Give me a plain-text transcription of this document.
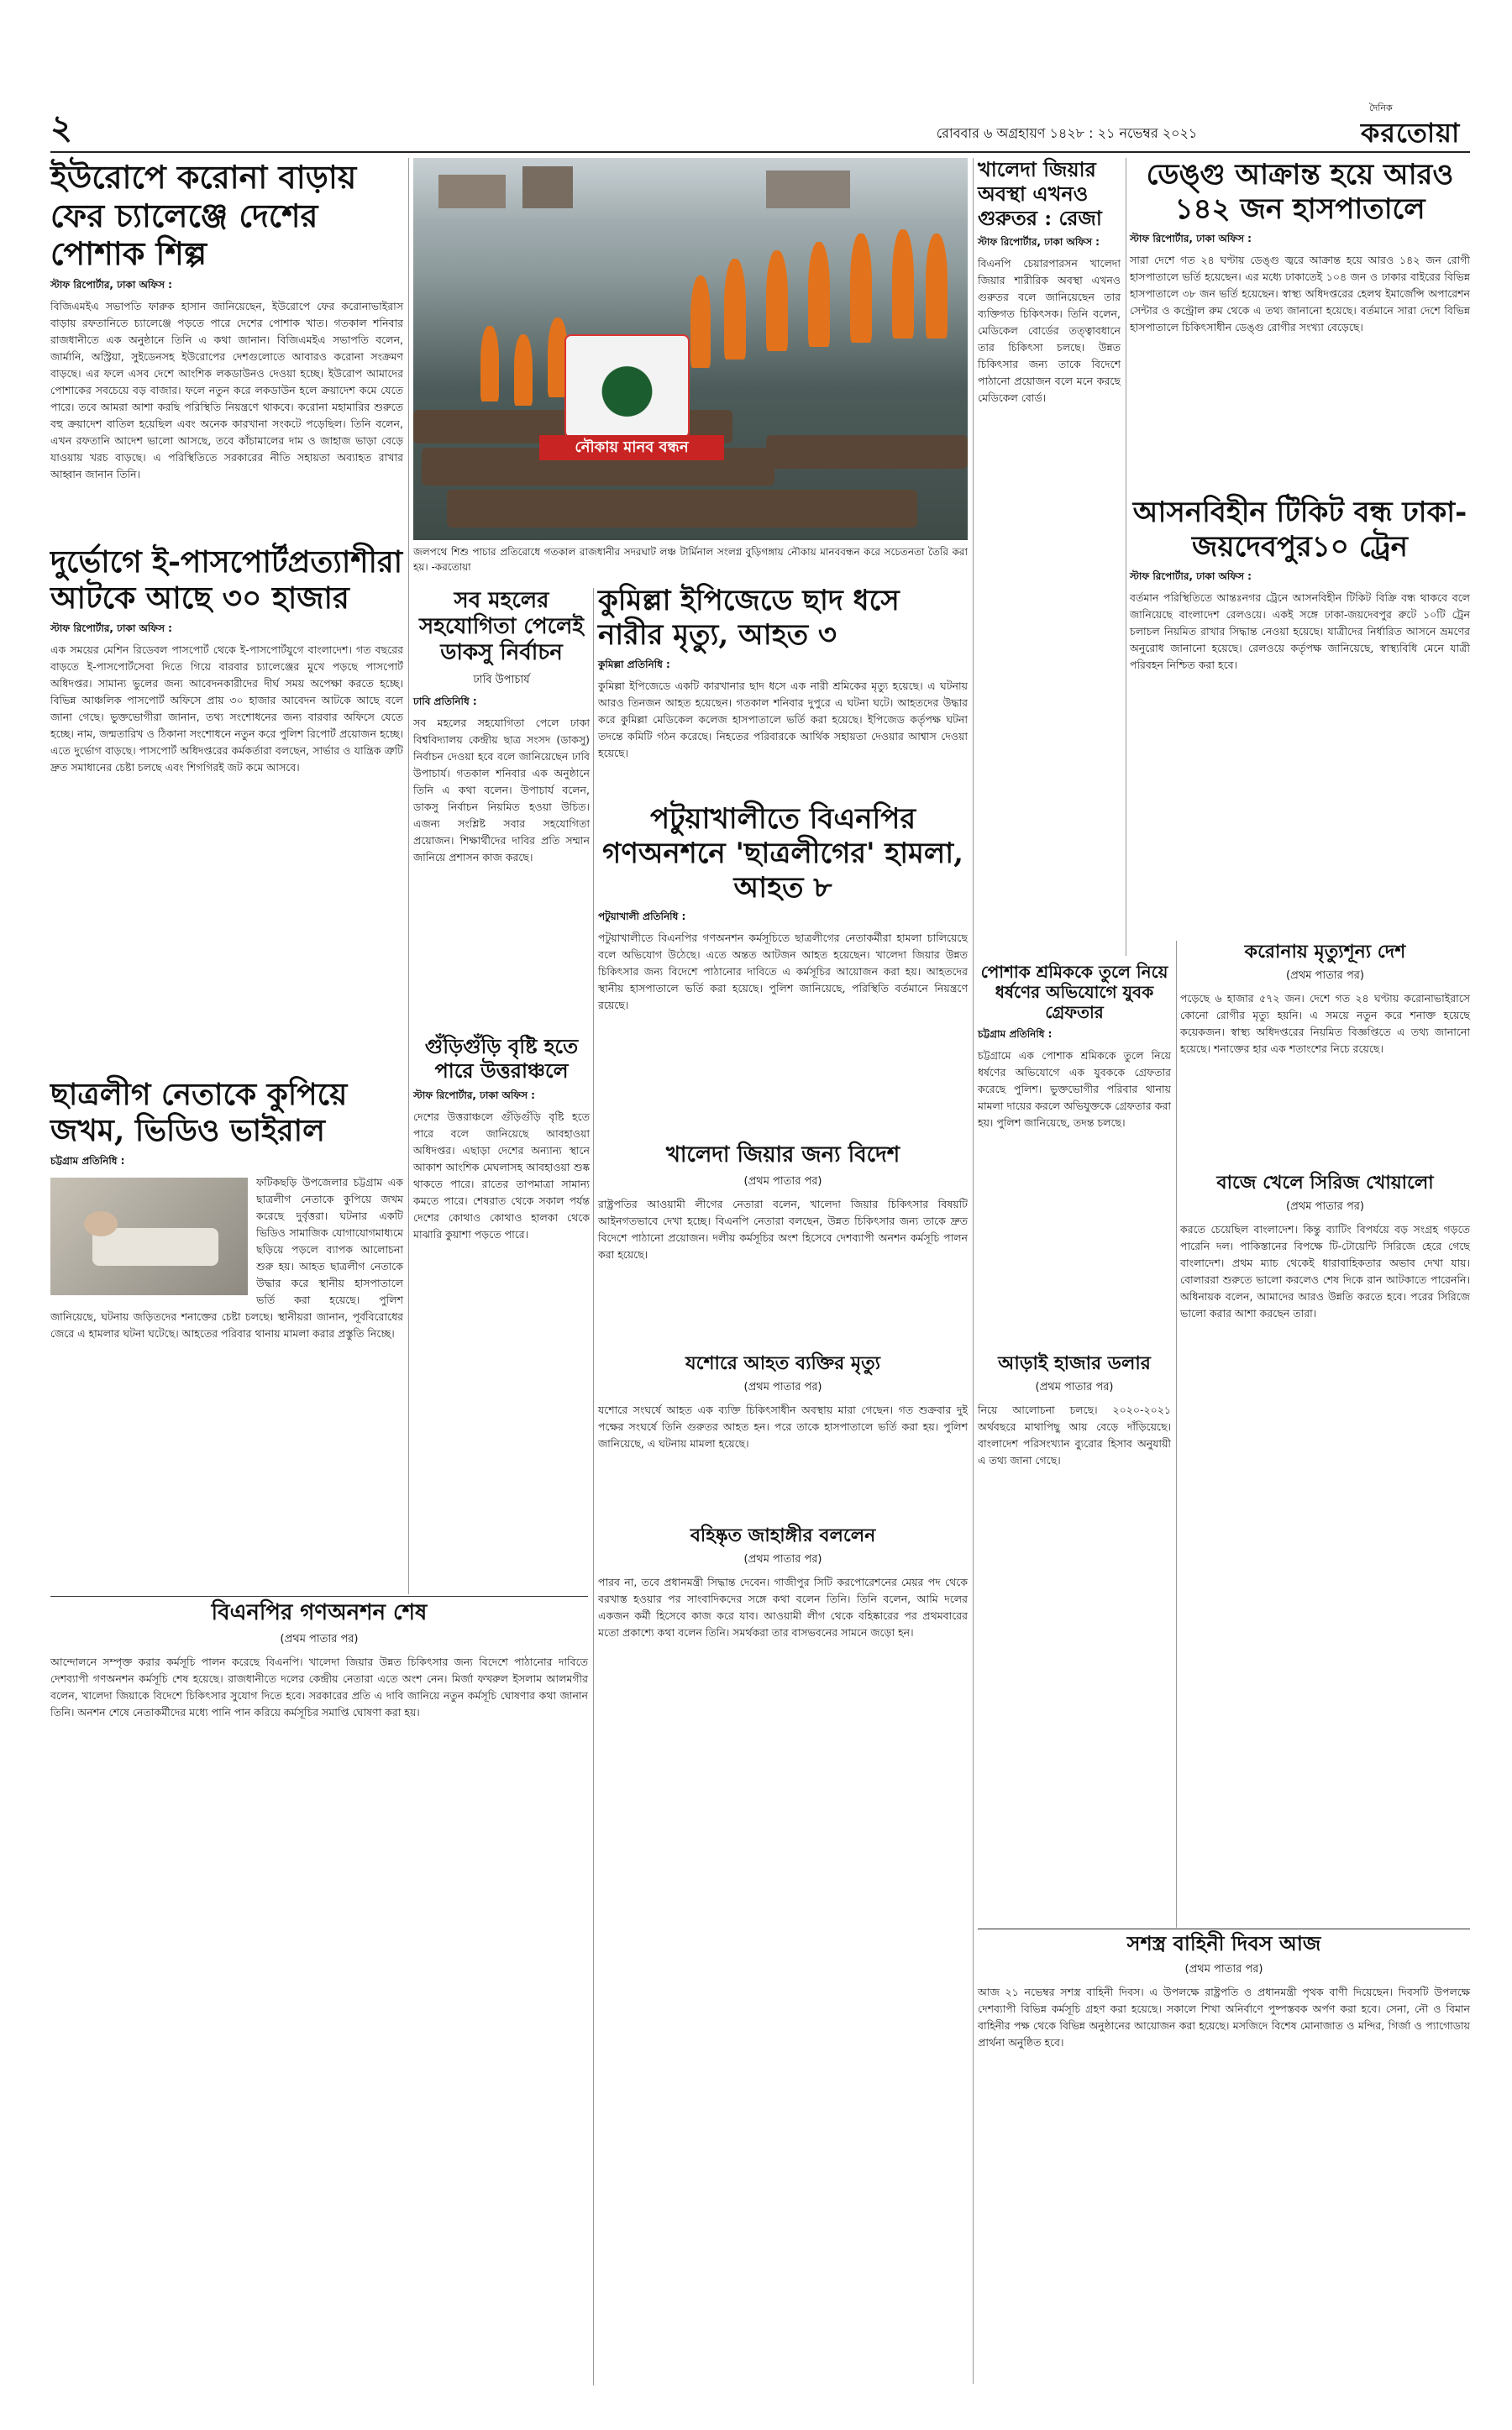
২	রোববার ৬ অগ্রহায়ণ ১৪২৮ : ২১ নভেম্বর ২০২১
দৈনিক
করতোয়া
ইউরোপে করোনা বাড়ায় ফের চ্যালেঞ্জে দেশের পোশাক শিল্প
স্টাফ রিপোর্টার, ঢাকা অফিস :

বিজিএমইএ সভাপতি ফারুক হাসান জানিয়েছেন, ইউরোপে ফের করোনাভাইরাস বাড়ায় রফতানিতে চ্যালেঞ্জে পড়তে পারে দেশের পোশাক খাত। গতকাল শনিবার রাজধানীতে এক অনুষ্ঠানে তিনি এ কথা জানান। বিজিএমইএ সভাপতি বলেন, জার্মানি, অস্ট্রিয়া, সুইডেনসহ ইউরোপের দেশগুলোতে আবারও করোনা সংক্রমণ বাড়ছে। এর ফলে এসব দেশে আংশিক লকডাউনও দেওয়া হচ্ছে। ইউরোপ আমাদের পোশাকের সবচেয়ে বড় বাজার। ফলে নতুন করে লকডাউন হলে ক্রয়াদেশ কমে যেতে পারে। তবে আমরা আশা করছি পরিস্থিতি নিয়ন্ত্রণে থাকবে। করোনা মহামারির শুরুতে বহু ক্রয়াদেশ বাতিল হয়েছিল এবং অনেক কারখানা সংকটে পড়েছিল। তিনি বলেন, এখন রফতানি আদেশ ভালো আসছে, তবে কাঁচামালের দাম ও জাহাজ ভাড়া বেড়ে যাওয়ায় খরচ বাড়ছে। এ পরিস্থিতিতে সরকারের নীতি সহায়তা অব্যাহত রাখার আহ্বান জানান তিনি।

দুর্ভোগে ই-পাসপোর্টপ্রত্যাশীরা আটকে আছে ৩০ হাজার
স্টাফ রিপোর্টার, ঢাকা অফিস :

এক সময়ের মেশিন রিডেবল পাসপোর্ট থেকে ই-পাসপোর্টযুগে বাংলাদেশ। গত বছরের বাড়তে ই-পাসপোর্টসেবা দিতে গিয়ে বারবার চ্যালেঞ্জের মুখে পড়ছে পাসপোর্ট অধিদপ্তর। সামান্য ভুলের জন্য আবেদনকারীদের দীর্ঘ সময় অপেক্ষা করতে হচ্ছে। বিভিন্ন আঞ্চলিক পাসপোর্ট অফিসে প্রায় ৩০ হাজার আবেদন আটকে আছে বলে জানা গেছে। ভুক্তভোগীরা জানান, তথ্য সংশোধনের জন্য বারবার অফিসে যেতে হচ্ছে। নাম, জন্মতারিখ ও ঠিকানা সংশোধনে নতুন করে পুলিশ রিপোর্ট প্রয়োজন হচ্ছে। এতে দুর্ভোগ বাড়ছে। পাসপোর্ট অধিদপ্তরের কর্মকর্তারা বলছেন, সার্ভার ও যান্ত্রিক ত্রুটি দ্রুত সমাধানের চেষ্টা চলছে এবং শিগগিরই জট কমে আসবে।

ছাত্রলীগ নেতাকে কুপিয়ে জখম, ভিডিও ভাইরাল
চট্টগ্রাম প্রতিনিধি :

ফটিকছড়ি উপজেলার চট্টগ্রাম এক ছাত্রলীগ নেতাকে কুপিয়ে জখম করেছে দুর্বৃত্তরা। ঘটনার একটি ভিডিও সামাজিক যোগাযোগমাধ্যমে ছড়িয়ে পড়লে ব্যাপক আলোচনা শুরু হয়। আহত ছাত্রলীগ নেতাকে উদ্ধার করে স্থানীয় হাসপাতালে ভর্তি করা হয়েছে। পুলিশ জানিয়েছে, ঘটনায় জড়িতদের শনাক্তের চেষ্টা চলছে। স্থানীয়রা জানান, পূর্ববিরোধের জেরে এ হামলার ঘটনা ঘটেছে। আহতের পরিবার থানায় মামলা করার প্রস্তুতি নিচ্ছে।

নৌকায় মানব বন্ধন
জলপথে শিশু পাচার প্রতিরোধে গতকাল রাজধানীর সদরঘাট লঞ্চ টার্মিনাল সংলগ্ন বুড়িগঙ্গায় নৌকায় মানববন্ধন করে সচেতনতা তৈরি করা হয়। -করতোয়া
সব মহলের সহযোগিতা পেলেই ডাকসু নির্বাচন
ঢাবি উপাচার্য
ঢাবি প্রতিনিধি :

সব মহলের সহযোগিতা পেলে ঢাকা বিশ্ববিদ্যালয় কেন্দ্রীয় ছাত্র সংসদ (ডাকসু) নির্বাচন দেওয়া হবে বলে জানিয়েছেন ঢাবি উপাচার্য। গতকাল শনিবার এক অনুষ্ঠানে তিনি এ কথা বলেন। উপাচার্য বলেন, ডাকসু নির্বাচন নিয়মিত হওয়া উচিত। এজন্য সংশ্লিষ্ট সবার সহযোগিতা প্রয়োজন। শিক্ষার্থীদের দাবির প্রতি সম্মান জানিয়ে প্রশাসন কাজ করছে।

গুঁড়িগুঁড়ি বৃষ্টি হতে পারে উত্তরাঞ্চলে
স্টাফ রিপোর্টার, ঢাকা অফিস :

দেশের উত্তরাঞ্চলে গুঁড়িগুঁড়ি বৃষ্টি হতে পারে বলে জানিয়েছে আবহাওয়া অধিদপ্তর। এছাড়া দেশের অন্যান্য স্থানে আকাশ আংশিক মেঘলাসহ আবহাওয়া শুষ্ক থাকতে পারে। রাতের তাপমাত্রা সামান্য কমতে পারে। শেষরাত থেকে সকাল পর্যন্ত দেশের কোথাও কোথাও হালকা থেকে মাঝারি কুয়াশা পড়তে পারে।

কুমিল্লা ইপিজেডে ছাদ ধসে নারীর মৃত্যু, আহত ৩
কুমিল্লা প্রতিনিধি :

কুমিল্লা ইপিজেডে একটি কারখানার ছাদ ধসে এক নারী শ্রমিকের মৃত্যু হয়েছে। এ ঘটনায় আরও তিনজন আহত হয়েছেন। গতকাল শনিবার দুপুরে এ ঘটনা ঘটে। আহতদের উদ্ধার করে কুমিল্লা মেডিকেল কলেজ হাসপাতালে ভর্তি করা হয়েছে। ইপিজেড কর্তৃপক্ষ ঘটনা তদন্তে কমিটি গঠন করেছে। নিহতের পরিবারকে আর্থিক সহায়তা দেওয়ার আশ্বাস দেওয়া হয়েছে।

পটুয়াখালীতে বিএনপির গণঅনশনে 'ছাত্রলীগের' হামলা, আহত ৮
পটুয়াখালী প্রতিনিধি :

পটুয়াখালীতে বিএনপির গণঅনশন কর্মসূচিতে ছাত্রলীগের নেতাকর্মীরা হামলা চালিয়েছে বলে অভিযোগ উঠেছে। এতে অন্তত আটজন আহত হয়েছেন। খালেদা জিয়ার উন্নত চিকিৎসার জন্য বিদেশে পাঠানোর দাবিতে এ কর্মসূচির আয়োজন করা হয়। আহতদের স্থানীয় হাসপাতালে ভর্তি করা হয়েছে। পুলিশ জানিয়েছে, পরিস্থিতি বর্তমানে নিয়ন্ত্রণে রয়েছে।

খালেদা জিয়ার জন্য বিদেশ
(প্রথম পাতার পর)

রাষ্ট্রপতির আওয়ামী লীগের নেতারা বলেন, খালেদা জিয়ার চিকিৎসার বিষয়টি আইনগতভাবে দেখা হচ্ছে। বিএনপি নেতারা বলছেন, উন্নত চিকিৎসার জন্য তাকে দ্রুত বিদেশে পাঠানো প্রয়োজন। দলীয় কর্মসূচির অংশ হিসেবে দেশব্যাপী অনশন কর্মসূচি পালন করা হয়েছে।

যশোরে আহত ব্যক্তির মৃত্যু
(প্রথম পাতার পর)

যশোরে সংঘর্ষে আহত এক ব্যক্তি চিকিৎসাধীন অবস্থায় মারা গেছেন। গত শুক্রবার দুই পক্ষের সংঘর্ষে তিনি গুরুতর আহত হন। পরে তাকে হাসপাতালে ভর্তি করা হয়। পুলিশ জানিয়েছে, এ ঘটনায় মামলা হয়েছে।

খালেদা জিয়ার অবস্থা এখনও গুরুতর : রেজা
স্টাফ রিপোর্টার, ঢাকা অফিস :

বিএনপি চেয়ারপারসন খালেদা জিয়ার শারীরিক অবস্থা এখনও গুরুতর বলে জানিয়েছেন তার ব্যক্তিগত চিকিৎসক। তিনি বলেন, মেডিকেল বোর্ডের তত্ত্বাবধানে তার চিকিৎসা চলছে। উন্নত চিকিৎসার জন্য তাকে বিদেশে পাঠানো প্রয়োজন বলে মনে করছে মেডিকেল বোর্ড।

পোশাক শ্রমিককে তুলে নিয়ে ধর্ষণের অভিযোগে যুবক গ্রেফতার
চট্টগ্রাম প্রতিনিধি :

চট্টগ্রামে এক পোশাক শ্রমিককে তুলে নিয়ে ধর্ষণের অভিযোগে এক যুবককে গ্রেফতার করেছে পুলিশ। ভুক্তভোগীর পরিবার থানায় মামলা দায়ের করলে অভিযুক্তকে গ্রেফতার করা হয়। পুলিশ জানিয়েছে, তদন্ত চলছে।

আড়াই হাজার ডলার
(প্রথম পাতার পর)

নিয়ে আলোচনা চলছে। ২০২০-২০২১ অর্থবছরে মাথাপিছু আয় বেড়ে দাঁড়িয়েছে। বাংলাদেশ পরিসংখ্যান ব্যুরোর হিসাব অনুযায়ী এ তথ্য জানা গেছে।

ডেঙ্গু আক্রান্ত হয়ে আরও ১৪২ জন হাসপাতালে
স্টাফ রিপোর্টার, ঢাকা অফিস :

সারা দেশে গত ২৪ ঘণ্টায় ডেঙ্গু জ্বরে আক্রান্ত হয়ে আরও ১৪২ জন রোগী হাসপাতালে ভর্তি হয়েছেন। এর মধ্যে ঢাকাতেই ১০৪ জন ও ঢাকার বাইরের বিভিন্ন হাসপাতালে ৩৮ জন ভর্তি হয়েছেন। স্বাস্থ্য অধিদপ্তরের হেলথ ইমার্জেন্সি অপারেশন সেন্টার ও কন্ট্রোল রুম থেকে এ তথ্য জানানো হয়েছে। বর্তমানে সারা দেশে বিভিন্ন হাসপাতালে চিকিৎসাধীন ডেঙ্গু রোগীর সংখ্যা বেড়েছে।

আসনবিহীন টিকিট বন্ধ ঢাকা-জয়দেবপুর১০ ট্রেন
স্টাফ রিপোর্টার, ঢাকা অফিস :

বর্তমান পরিস্থিতিতে আন্তঃনগর ট্রেনে আসনবিহীন টিকিট বিক্রি বন্ধ থাকবে বলে জানিয়েছে বাংলাদেশ রেলওয়ে। একই সঙ্গে ঢাকা-জয়দেবপুর রুটে ১০টি ট্রেন চলাচল নিয়মিত রাখার সিদ্ধান্ত নেওয়া হয়েছে। যাত্রীদের নির্ধারিত আসনে ভ্রমণের অনুরোধ জানানো হয়েছে। রেলওয়ে কর্তৃপক্ষ জানিয়েছে, স্বাস্থ্যবিধি মেনে যাত্রী পরিবহন নিশ্চিত করা হবে।

করোনায় মৃত্যুশূন্য দেশ
(প্রথম পাতার পর)

পড়েছে ৬ হাজার ৫৭২ জন। দেশে গত ২৪ ঘণ্টায় করোনাভাইরাসে কোনো রোগীর মৃত্যু হয়নি। এ সময়ে নতুন করে শনাক্ত হয়েছে কয়েকজন। স্বাস্থ্য অধিদপ্তরের নিয়মিত বিজ্ঞপ্তিতে এ তথ্য জানানো হয়েছে। শনাক্তের হার এক শতাংশের নিচে রয়েছে।

বাজে খেলে সিরিজ খোয়ালো
(প্রথম পাতার পর)

করতে চেয়েছিল বাংলাদেশ। কিন্তু ব্যাটিং বিপর্যয়ে বড় সংগ্রহ গড়তে পারেনি দল। পাকিস্তানের বিপক্ষে টি-টোয়েন্টি সিরিজে হেরে গেছে বাংলাদেশ। প্রথম ম্যাচ থেকেই ধারাবাহিকতার অভাব দেখা যায়। বোলাররা শুরুতে ভালো করলেও শেষ দিকে রান আটকাতে পারেননি। অধিনায়ক বলেন, আমাদের আরও উন্নতি করতে হবে। পরের সিরিজে ভালো করার আশা করছেন তারা।

বিএনপির গণঅনশন শেষ
(প্রথম পাতার পর)

আন্দোলনে সম্পৃক্ত করার কর্মসূচি পালন করেছে বিএনপি। খালেদা জিয়ার উন্নত চিকিৎসার জন্য বিদেশে পাঠানোর দাবিতে দেশব্যাপী গণঅনশন কর্মসূচি শেষ হয়েছে। রাজধানীতে দলের কেন্দ্রীয় নেতারা এতে অংশ নেন। মির্জা ফখরুল ইসলাম আলমগীর বলেন, খালেদা জিয়াকে বিদেশে চিকিৎসার সুযোগ দিতে হবে। সরকারের প্রতি এ দাবি জানিয়ে নতুন কর্মসূচি ঘোষণার কথা জানান তিনি। অনশন শেষে নেতাকর্মীদের মধ্যে পানি পান করিয়ে কর্মসূচির সমাপ্তি ঘোষণা করা হয়।

বহিষ্কৃত জাহাঙ্গীর বললেন
(প্রথম পাতার পর)

পারব না, তবে প্রধানমন্ত্রী সিদ্ধান্ত দেবেন। গাজীপুর সিটি করপোরেশনের মেয়র পদ থেকে বরখাস্ত হওয়ার পর সাংবাদিকদের সঙ্গে কথা বলেন তিনি। তিনি বলেন, আমি দলের একজন কর্মী হিসেবে কাজ করে যাব। আওয়ামী লীগ থেকে বহিষ্কারের পর প্রথমবারের মতো প্রকাশ্যে কথা বলেন তিনি। সমর্থকরা তার বাসভবনের সামনে জড়ো হন।

সশস্ত্র বাহিনী দিবস আজ
(প্রথম পাতার পর)

আজ ২১ নভেম্বর সশস্ত্র বাহিনী দিবস। এ উপলক্ষে রাষ্ট্রপতি ও প্রধানমন্ত্রী পৃথক বাণী দিয়েছেন। দিবসটি উপলক্ষে দেশব্যাপী বিভিন্ন কর্মসূচি গ্রহণ করা হয়েছে। সকালে শিখা অনির্বাণে পুষ্পস্তবক অর্পণ করা হবে। সেনা, নৌ ও বিমান বাহিনীর পক্ষ থেকে বিভিন্ন অনুষ্ঠানের আয়োজন করা হয়েছে। মসজিদে বিশেষ মোনাজাত ও মন্দির, গির্জা ও প্যাগোডায় প্রার্থনা অনুষ্ঠিত হবে।
